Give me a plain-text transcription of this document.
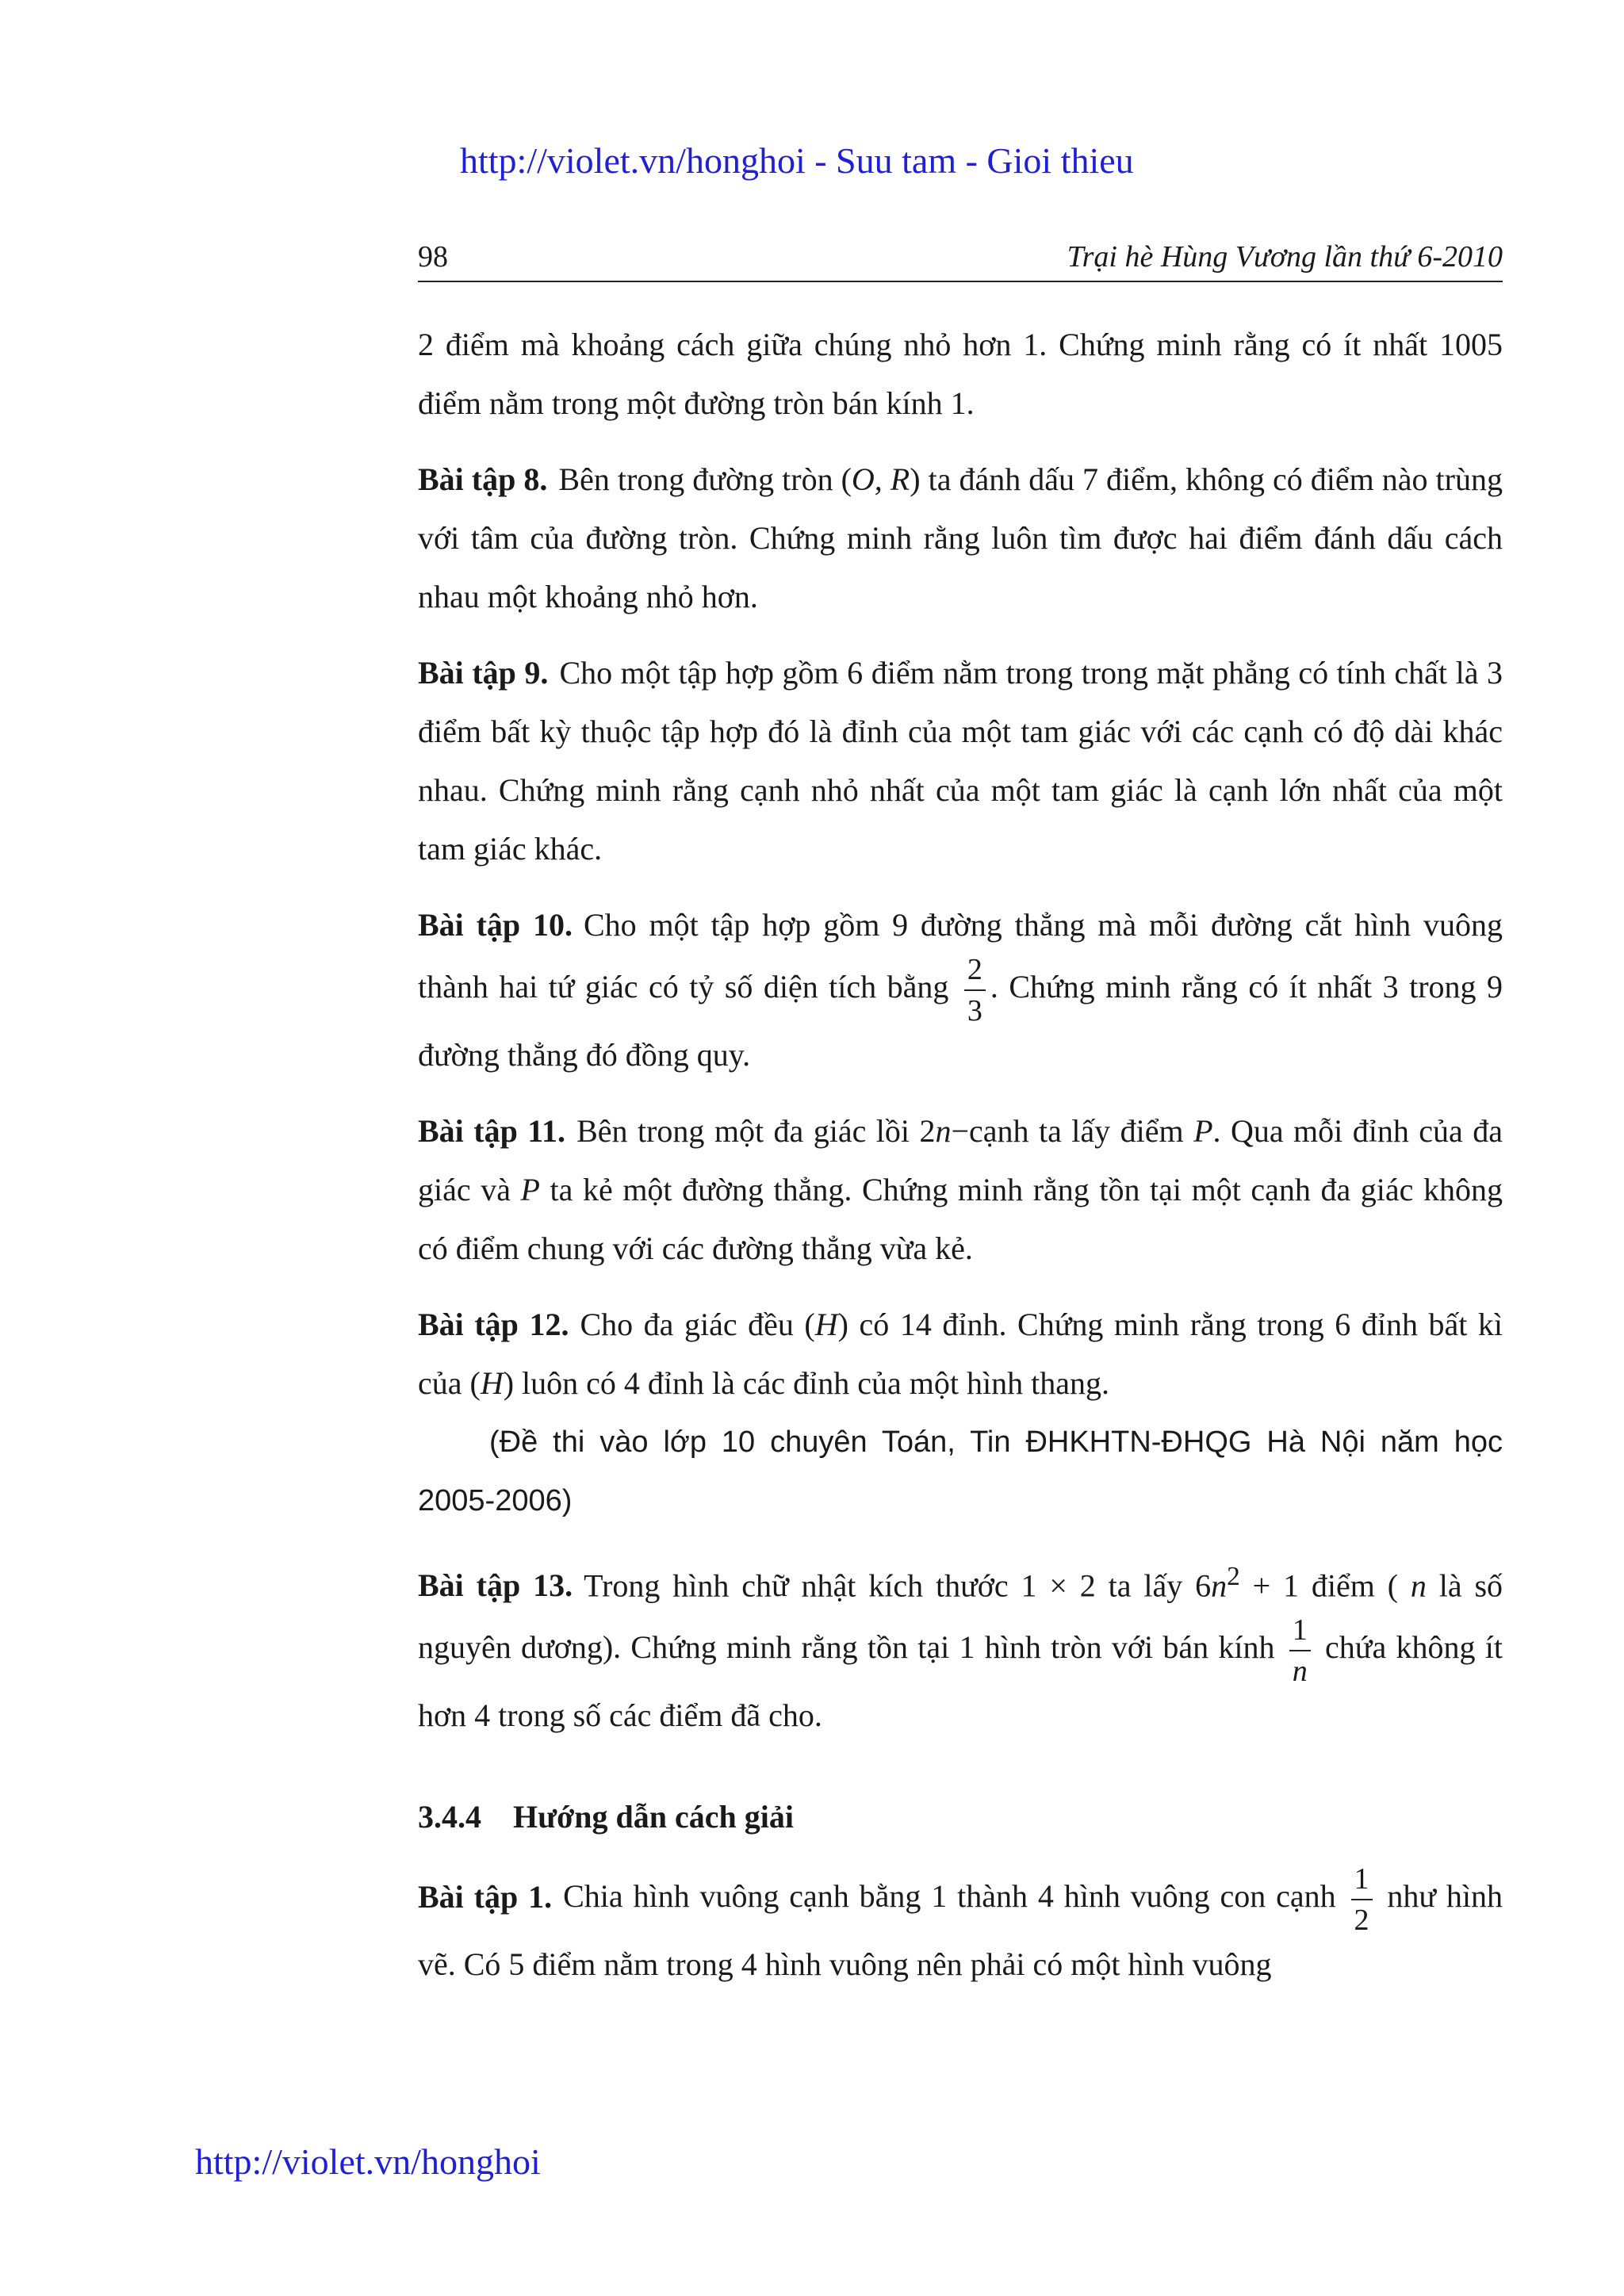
http://violet.vn/honghoi - Suu tam - Gioi thieu
98	Trại hè Hùng Vương lần thứ 6-2010

2 điểm mà khoảng cách giữa chúng nhỏ hơn 1. Chứng minh rằng có ít nhất 1005 điểm nằm trong một đường tròn bán kính 1.

Bài tập 8. Bên trong đường tròn (O, R) ta đánh dấu 7 điểm, không có điểm nào trùng với tâm của đường tròn. Chứng minh rằng luôn tìm được hai điểm đánh dấu cách nhau một khoảng nhỏ hơn.

Bài tập 9. Cho một tập hợp gồm 6 điểm nằm trong trong mặt phẳng có tính chất là 3 điểm bất kỳ thuộc tập hợp đó là đỉnh của một tam giác với các cạnh có độ dài khác nhau. Chứng minh rằng cạnh nhỏ nhất của một tam giác là cạnh lớn nhất của một tam giác khác.

Bài tập 10. Cho một tập hợp gồm 9 đường thẳng mà mỗi đường cắt hình vuông thành hai tứ giác có tỷ số diện tích bằng $\frac{2}{3}$ . Chứng minh rằng có ít nhất 3 trong 9 đường thẳng đó đồng quy.

Bài tập 11. Bên trong một đa giác lồi 2n−cạnh ta lấy điểm P. Qua mỗi đỉnh của đa giác và P ta kẻ một đường thẳng. Chứng minh rằng tồn tại một cạnh đa giác không có điểm chung với các đường thẳng vừa kẻ.

Bài tập 12. Cho đa giác đều (H) có 14 đỉnh. Chứng minh rằng trong 6 đỉnh bất kì của (H) luôn có 4 đỉnh là các đỉnh của một hình thang.

(Đề thi vào lớp 10 chuyên Toán, Tin ĐHKHTN-ĐHQG Hà Nội năm học 2005-2006)

Bài tập 13. Trong hình chữ nhật kích thước 1 × 2 ta lấy $6n^2 + 1$ điểm ( n là số nguyên dương). Chứng minh rằng tồn tại 1 hình tròn với bán kính $\frac{1}{n}$ chứa không ít hơn 4 trong số các điểm đã cho.

3.4.4 Hướng dẫn cách giải

Bài tập 1. Chia hình vuông cạnh bằng 1 thành 4 hình vuông con cạnh $\frac{1}{2}$ như hình vẽ. Có 5 điểm nằm trong 4 hình vuông nên phải có một hình vuông

http://violet.vn/honghoi
